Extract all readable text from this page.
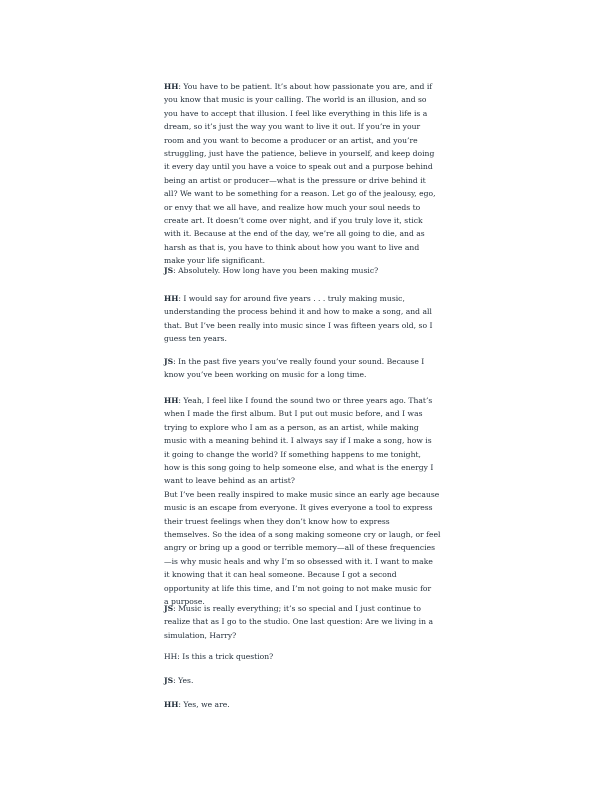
HH: You have to be patient. It’s about how passionate you are, and if
you know that music is your calling. The world is an illusion, and so
you have to accept that illusion. I feel like everything in this life is a
dream, so it’s just the way you want to live it out. If you’re in your
room and you want to become a producer or an artist, and you’re
struggling, just have the patience, believe in yourself, and keep doing
it every day until you have a voice to speak out and a purpose behind
being an artist or producer—what is the pressure or drive behind it
all? We want to be something for a reason. Let go of the jealousy, ego,
or envy that we all have, and realize how much your soul needs to
create art. It doesn’t come over night, and if you truly love it, stick
with it. Because at the end of the day, we’re all going to die, and as
harsh as that is, you have to think about how you want to live and
make your life significant.

JS: Absolutely. How long have you been making music?

HH: I would say for around five years . . . truly making music,
understanding the process behind it and how to make a song, and all
that. But I’ve been really into music since I was fifteen years old, so I
guess ten years.

JS: In the past five years you’ve really found your sound. Because I
know you’ve been working on music for a long time.

HH: Yeah, I feel like I found the sound two or three years ago. That’s
when I made the first album. But I put out music before, and I was
trying to explore who I am as a person, as an artist, while making
music with a meaning behind it. I always say if I make a song, how is
it going to change the world? If something happens to me tonight,
how is this song going to help someone else, and what is the energy I
want to leave behind as an artist?
But I’ve been really inspired to make music since an early age because
music is an escape from everyone. It gives everyone a tool to express
their truest feelings when they don’t know how to express
themselves. So the idea of a song making someone cry or laugh, or feel
angry or bring up a good or terrible memory—all of these frequencies
—is why music heals and why I’m so obsessed with it. I want to make
it knowing that it can heal someone. Because I got a second
opportunity at life this time, and I’m not going to not make music for
a purpose.

JS: Music is really everything; it’s so special and I just continue to
realize that as I go to the studio. One last question: Are we living in a
simulation, Harry?

HH: Is this a trick question?

JS: Yes.

HH: Yes, we are.
